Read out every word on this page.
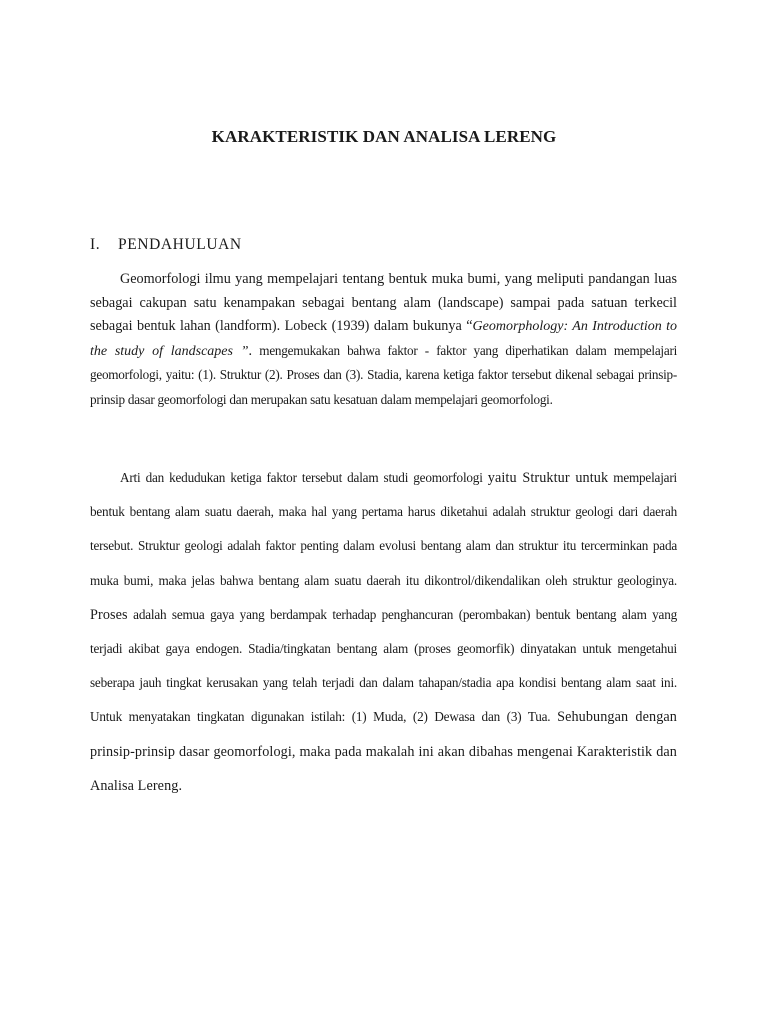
KARAKTERISTIK DAN ANALISA LERENG
I. PENDAHULUAN

Geomorfologi ilmu yang mempelajari tentang bentuk muka bumi, yang meliputi pandangan luas sebagai cakupan satu kenampakan sebagai bentang alam (landscape) sampai pada satuan terkecil sebagai bentuk lahan (landform). Lobeck (1939) dalam bukunya “Geomorphology: An Introduction to the study of landscapes ”. mengemukakan bahwa faktor - faktor yang diperhatikan dalam mempelajari geomorfologi, yaitu: (1). Struktur (2). Proses dan (3). Stadia, karena ketiga faktor tersebut dikenal sebagai prinsip-prinsip dasar geomorfologi dan merupakan satu kesatuan dalam mempelajari geomorfologi.

Arti dan kedudukan ketiga faktor tersebut dalam studi geomorfologi yaitu Struktur untuk mempelajari bentuk bentang alam suatu daerah, maka hal yang pertama harus diketahui adalah struktur geologi dari daerah tersebut. Struktur geologi adalah faktor penting dalam evolusi bentang alam dan struktur itu tercerminkan pada muka bumi, maka jelas bahwa bentang alam suatu daerah itu dikontrol/dikendalikan oleh struktur geologinya. Proses adalah semua gaya yang berdampak terhadap penghancuran (perombakan) bentuk bentang alam yang terjadi akibat gaya endogen. Stadia/tingkatan bentang alam (proses geomorfik) dinyatakan untuk mengetahui seberapa jauh tingkat kerusakan yang telah terjadi dan dalam tahapan/stadia apa kondisi bentang alam saat ini. Untuk menyatakan tingkatan digunakan istilah: (1) Muda, (2) Dewasa dan (3) Tua. Sehubungan dengan prinsip-prinsip dasar geomorfologi, maka pada makalah ini akan dibahas mengenai Karakteristik dan Analisa Lereng.
